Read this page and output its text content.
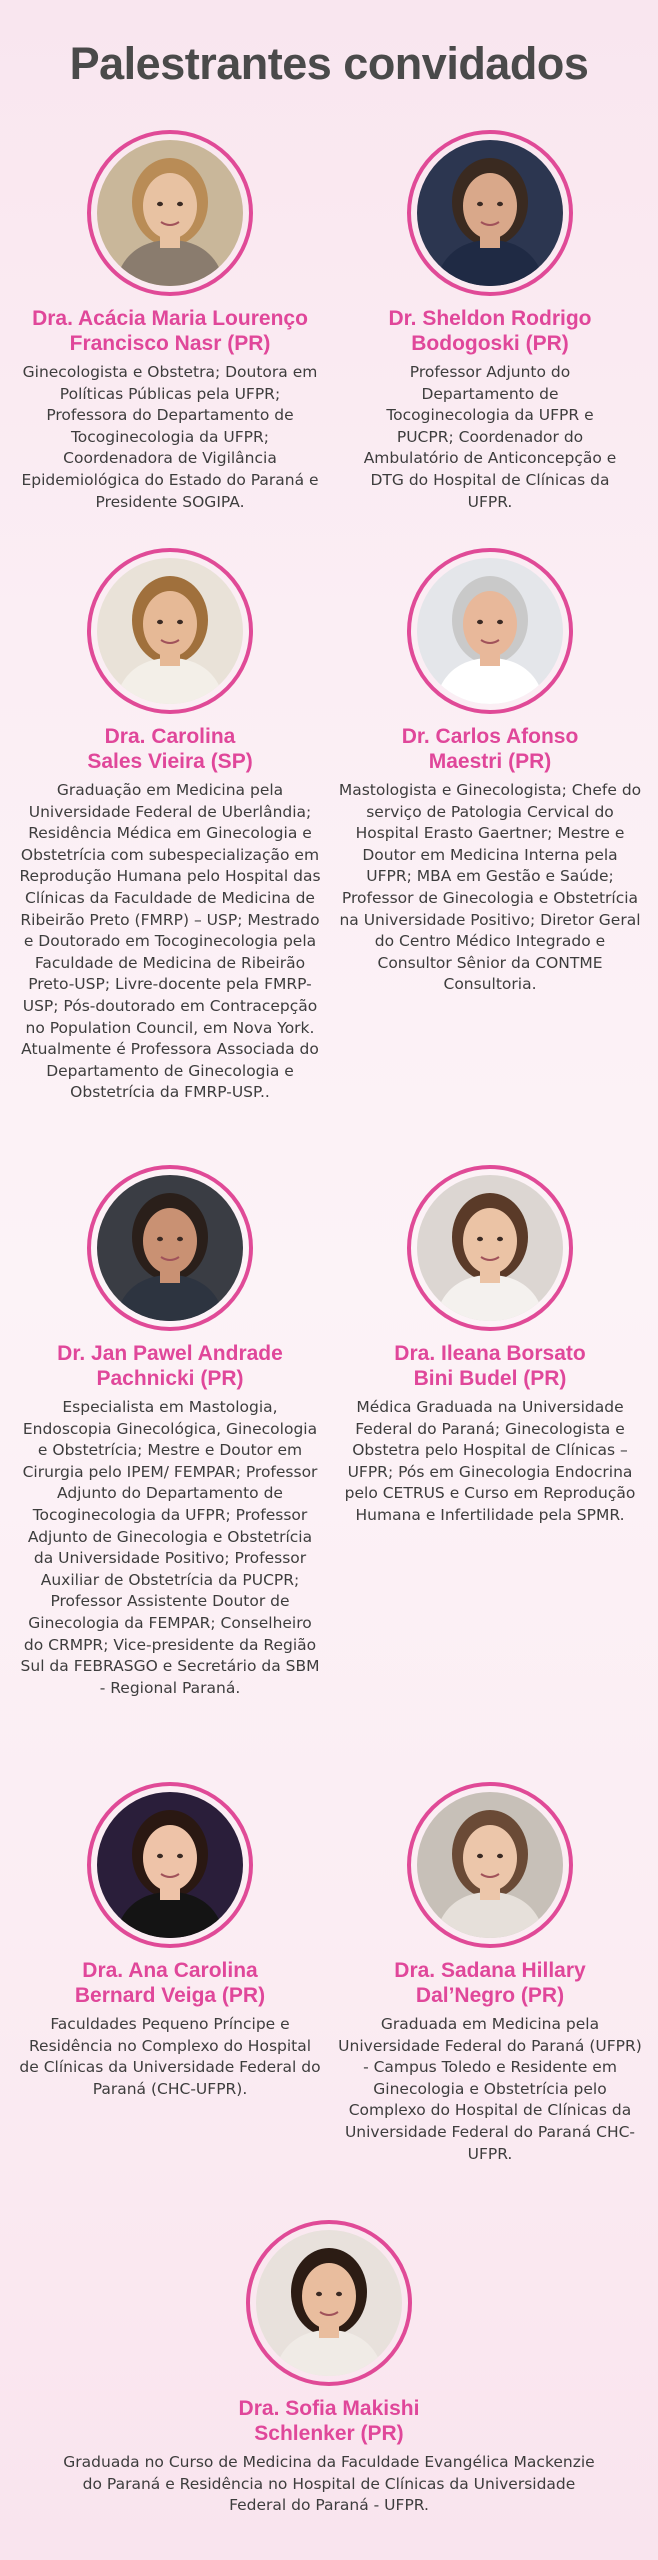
Palestrantes convidados
Dra. Acácia Maria Lourenço
Francisco Nasr (PR)
Ginecologista e Obstetra; Doutora em Políticas Públicas pela UFPR; Professora do Departamento de Tocoginecologia da UFPR; Coordenadora de Vigilância Epidemiológica do Estado do Paraná e Presidente SOGIPA.
Dr. Sheldon Rodrigo
Bodogoski (PR)
Professor Adjunto do Departamento de Tocoginecologia da UFPR e PUCPR; Coordenador do Ambulatório de Anticoncepção e DTG do Hospital de Clínicas da UFPR.
Dra. Carolina
Sales Vieira (SP)
Graduação em Medicina pela Universidade Federal de Uberlândia; Residência Médica em Ginecologia e Obstetrícia com subespecialização em Reprodução Humana pelo Hospital das Clínicas da Faculdade de Medicina de Ribeirão Preto (FMRP) – USP; Mestrado e Doutorado em Tocoginecologia pela Faculdade de Medicina de Ribeirão Preto-USP; Livre-docente pela FMRP-USP; Pós-doutorado em Contracepção no Population Council, em Nova York. Atualmente é Professora Associada do Departamento de Ginecologia e Obstetrícia da FMRP-USP..
Dr. Carlos Afonso
Maestri (PR)
Mastologista e Ginecologista; Chefe do serviço de Patologia Cervical do Hospital Erasto Gaertner; Mestre e Doutor em Medicina Interna pela UFPR; MBA em Gestão e Saúde; Professor de Ginecologia e Obstetrícia na Universidade Positivo; Diretor Geral do Centro Médico Integrado e Consultor Sênior da CONTME Consultoria.
Dr. Jan Pawel Andrade
Pachnicki (PR)
Especialista em Mastologia, Endoscopia Ginecológica, Ginecologia e Obstetrícia; Mestre e Doutor em Cirurgia pelo IPEM/ FEMPAR; Professor Adjunto do Departamento de Tocoginecologia da UFPR; Professor Adjunto de Ginecologia e Obstetrícia da Universidade Positivo; Professor Auxiliar de Obstetrícia da PUCPR; Professor Assistente Doutor de Ginecologia da FEMPAR; Conselheiro do CRMPR; Vice-presidente da Região Sul da FEBRASGO e Secretário da SBM - Regional Paraná.
Dra. Ileana Borsato
Bini Budel (PR)
Médica Graduada na Universidade Federal do Paraná; Ginecologista e Obstetra pelo Hospital de Clínicas – UFPR; Pós em Ginecologia Endocrina pelo CETRUS e Curso em Reprodução Humana e Infertilidade pela SPMR.
Dra. Ana Carolina
Bernard Veiga (PR)
Faculdades Pequeno Príncipe e Residência no Complexo do Hospital de Clínicas da Universidade Federal do Paraná (CHC-UFPR).
Dra. Sadana Hillary
Dal’Negro (PR)
Graduada em Medicina pela Universidade Federal do Paraná (UFPR) - Campus Toledo e Residente em Ginecologia e Obstetrícia pelo Complexo do Hospital de Clínicas da Universidade Federal do Paraná CHC-UFPR.
Dra. Sofia Makishi
Schlenker (PR)
Graduada no Curso de Medicina da Faculdade Evangélica Mackenzie do Paraná e Residência no Hospital de Clínicas da Universidade Federal do Paraná - UFPR.
